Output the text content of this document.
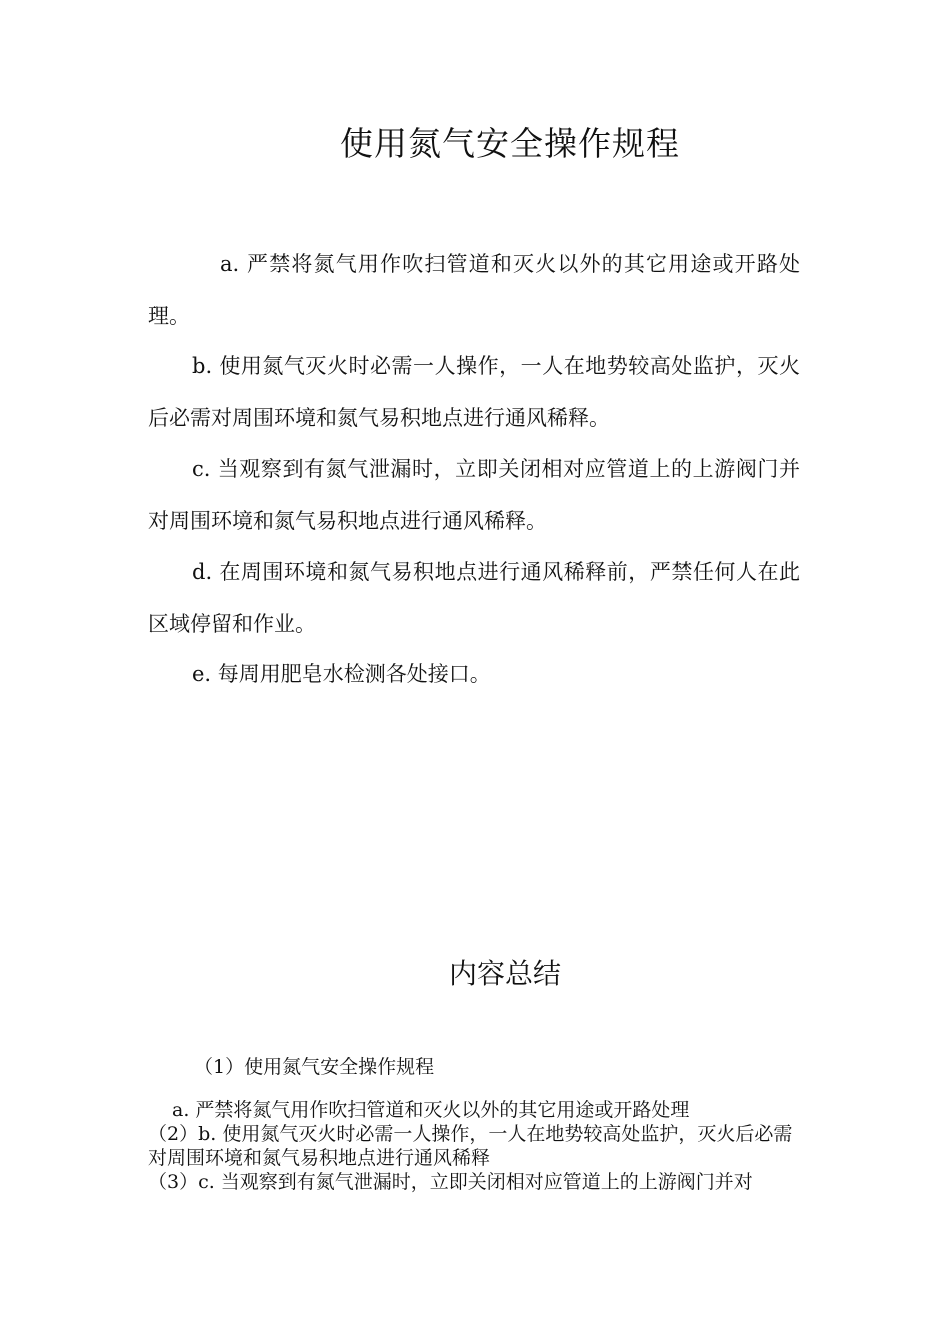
使用氮气安全操作规程

a. 严禁将氮气用作吹扫管道和灭火以外的其它用途或开路处理。

b. 使用氮气灭火时必需一人操作，一人在地势较高处监护，灭火后必需对周围环境和氮气易积地点进行通风稀释。

c. 当观察到有氮气泄漏时，立即关闭相对应管道上的上游阀门并对周围环境和氮气易积地点进行通风稀释。

d. 在周围环境和氮气易积地点进行通风稀释前，严禁任何人在此区域停留和作业。

e. 每周用肥皂水检测各处接口。

内容总结

（1）使用氮气安全操作规程

a. 严禁将氮气用作吹扫管道和灭火以外的其它用途或开路处理

（2）b. 使用氮气灭火时必需一人操作，一人在地势较高处监护，灭火后必需对周围环境和氮气易积地点进行通风稀释

（3）c. 当观察到有氮气泄漏时，立即关闭相对应管道上的上游阀门并对
